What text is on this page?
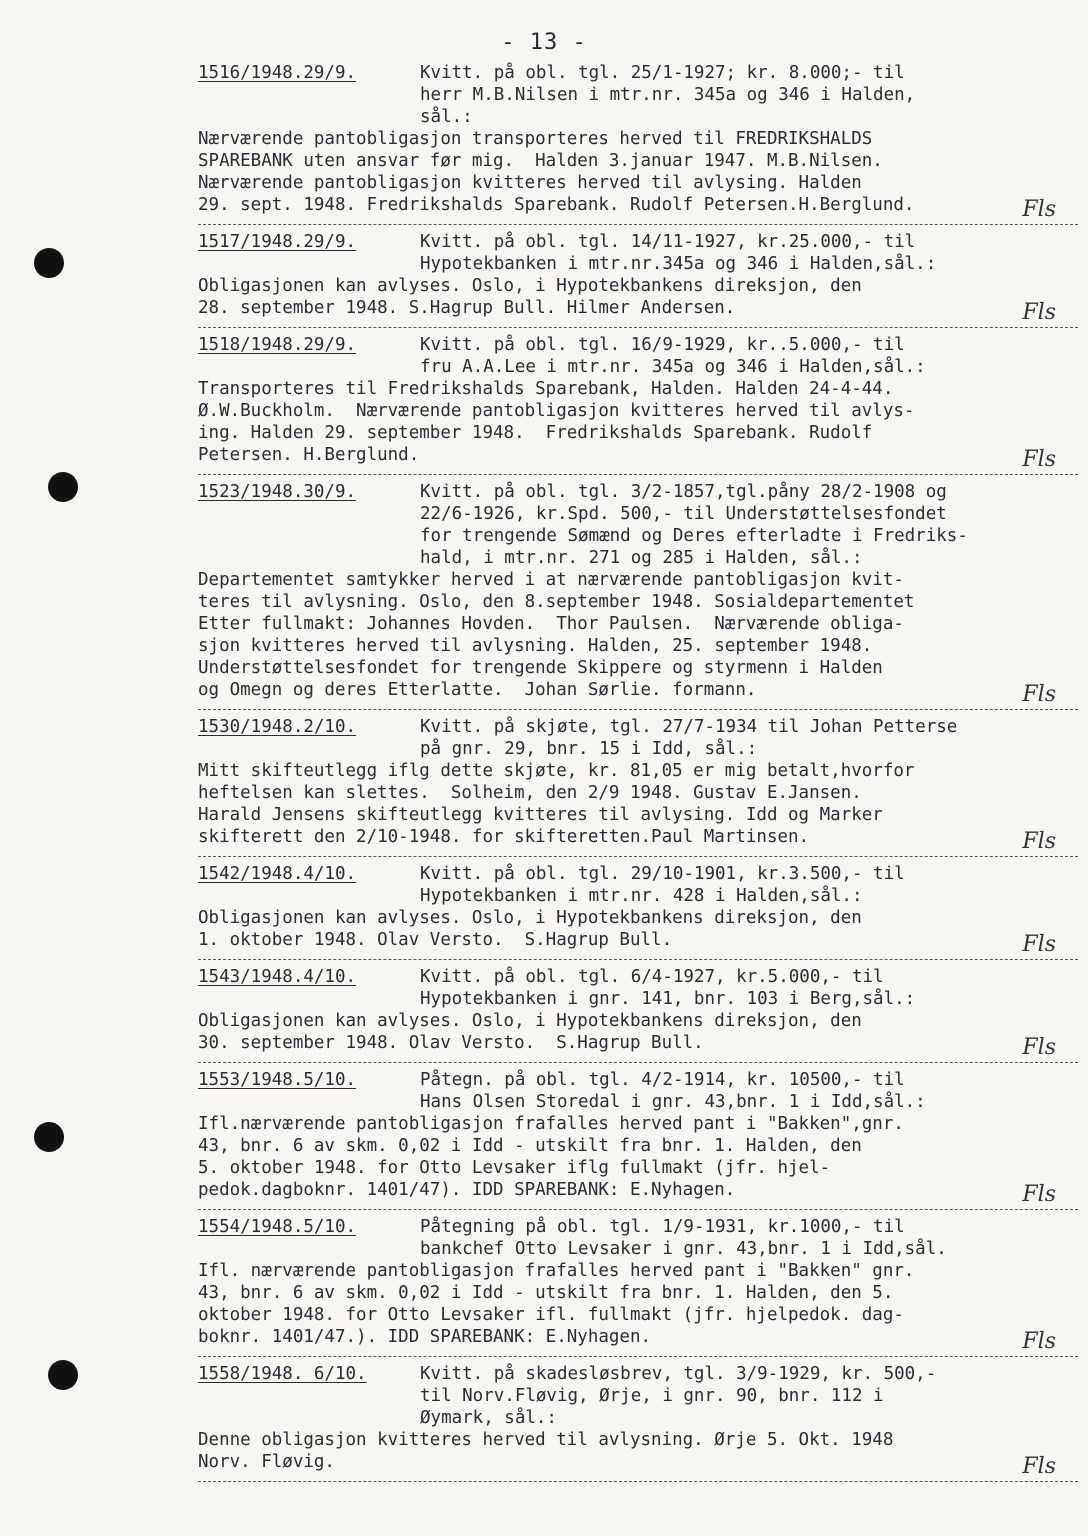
- 13 -
1516/1948.29/9.	Kvitt. på obl. tgl. 25/1-1927; kr. 8.000;- til
herr M.B.Nilsen i mtr.nr. 345a og 346 i Halden,
sål.:
Nærværende pantobligasjon transporteres herved til FREDRIKSHALDS
SPAREBANK uten ansvar før mig.  Halden 3.januar 1947. M.B.Nilsen.
Nærværende pantobligasjon kvitteres herved til avlysing. Halden
29. sept. 1948. Fredrikshalds Sparebank. Rudolf Petersen.H.Berglund.	Fls
1517/1948.29/9.	Kvitt. på obl. tgl. 14/11-1927, kr.25.000,- til
Hypotekbanken i mtr.nr.345a og 346 i Halden,sål.:
Obligasjonen kan avlyses. Oslo, i Hypotekbankens direksjon, den
28. september 1948. S.Hagrup Bull. Hilmer Andersen.	Fls
1518/1948.29/9.	Kvitt. på obl. tgl. 16/9-1929, kr..5.000,- til
fru A.A.Lee i mtr.nr. 345a og 346 i Halden,sål.:
Transporteres til Fredrikshalds Sparebank, Halden. Halden 24-4-44.
Ø.W.Buckholm.  Nærværende pantobligasjon kvitteres herved til avlys-
ing. Halden 29. september 1948.  Fredrikshalds Sparebank. Rudolf
Petersen. H.Berglund.	Fls
1523/1948.30/9.	Kvitt. på obl. tgl. 3/2-1857,tgl.påny 28/2-1908 og
22/6-1926, kr.Spd. 500,- til Understøttelsesfondet
for trengende Sømænd og Deres efterladte i Fredriks-
hald, i mtr.nr. 271 og 285 i Halden, sål.:
Departementet samtykker herved i at nærværende pantobligasjon kvit-
teres til avlysning. Oslo, den 8.september 1948. Sosialdepartementet
Etter fullmakt: Johannes Hovden.  Thor Paulsen.  Nærværende obliga-
sjon kvitteres herved til avlysning. Halden, 25. september 1948.
Understøttelsesfondet for trengende Skippere og styrmenn i Halden
og Omegn og deres Etterlatte.  Johan Sørlie. formann.	Fls
1530/1948.2/10.	Kvitt. på skjøte, tgl. 27/7-1934 til Johan Petterse
på gnr. 29, bnr. 15 i Idd, sål.:
Mitt skifteutlegg iflg dette skjøte, kr. 81,05 er mig betalt,hvorfor
heftelsen kan slettes.  Solheim, den 2/9 1948. Gustav E.Jansen.
Harald Jensens skifteutlegg kvitteres til avlysing. Idd og Marker
skifterett den 2/10-1948. for skifteretten.Paul Martinsen.	Fls
1542/1948.4/10.	Kvitt. på obl. tgl. 29/10-1901, kr.3.500,- til
Hypotekbanken i mtr.nr. 428 i Halden,sål.:
Obligasjonen kan avlyses. Oslo, i Hypotekbankens direksjon, den
1. oktober 1948. Olav Versto.  S.Hagrup Bull.	Fls
1543/1948.4/10.	Kvitt. på obl. tgl. 6/4-1927, kr.5.000,- til
Hypotekbanken i gnr. 141, bnr. 103 i Berg,sål.:
Obligasjonen kan avlyses. Oslo, i Hypotekbankens direksjon, den
30. september 1948. Olav Versto.  S.Hagrup Bull.	Fls
1553/1948.5/10.	Påtegn. på obl. tgl. 4/2-1914, kr. 10500,- til
Hans Olsen Storedal i gnr. 43,bnr. 1 i Idd,sål.:
Ifl.nærværende pantobligasjon frafalles herved pant i "Bakken",gnr.
43, bnr. 6 av skm. 0,02 i Idd - utskilt fra bnr. 1. Halden, den
5. oktober 1948. for Otto Levsaker iflg fullmakt (jfr. hjel-
pedok.dagboknr. 1401/47). IDD SPAREBANK: E.Nyhagen.	Fls
1554/1948.5/10.	Påtegning på obl. tgl. 1/9-1931, kr.1000,- til
bankchef Otto Levsaker i gnr. 43,bnr. 1 i Idd,sål.
Ifl. nærværende pantobligasjon frafalles herved pant i "Bakken" gnr.
43, bnr. 6 av skm. 0,02 i Idd - utskilt fra bnr. 1. Halden, den 5.
oktober 1948. for Otto Levsaker ifl. fullmakt (jfr. hjelpedok. dag-
boknr. 1401/47.). IDD SPAREBANK: E.Nyhagen.	Fls
1558/1948. 6/10.	Kvitt. på skadesløsbrev, tgl. 3/9-1929, kr. 500,-
til Norv.Fløvig, Ørje, i gnr. 90, bnr. 112 i
Øymark, sål.:
Denne obligasjon kvitteres herved til avlysning. Ørje 5. Okt. 1948
Norv. Fløvig.	Fls
